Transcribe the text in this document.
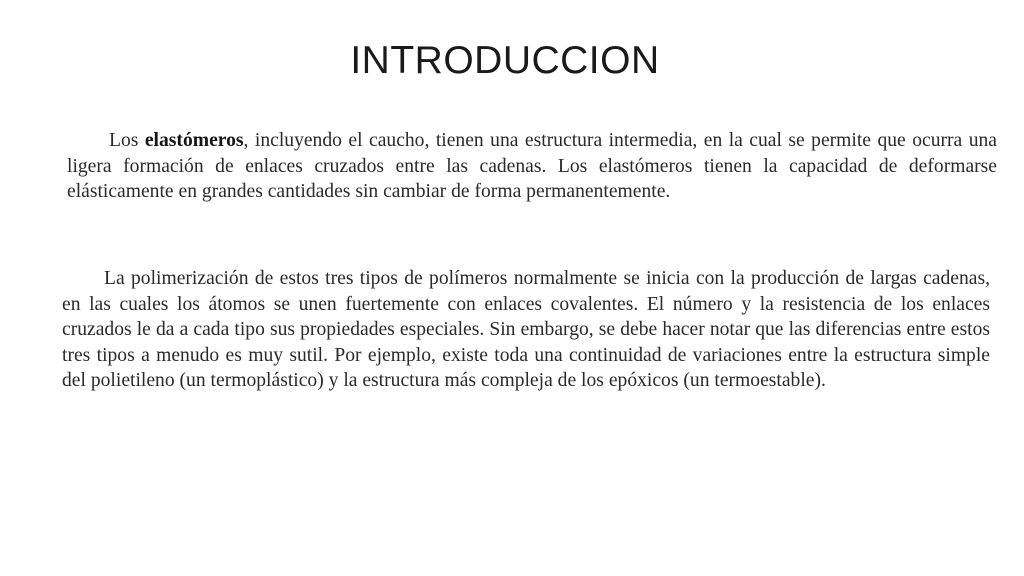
INTRODUCCION
Los elastómeros, incluyendo el caucho, tienen una estructura intermedia, en la cual se permite que ocurra una ligera formación de enlaces cruzados entre las cadenas. Los elastómeros tienen la capacidad de deformarse elásticamente en grandes cantidades sin cambiar de forma permanentemente.
La polimerización de estos tres tipos de polímeros normalmente se inicia con la producción de largas cadenas, en las cuales los átomos se unen fuertemente con enlaces covalentes. El número y la resistencia de los enlaces cruzados le da a cada tipo sus propiedades especiales. Sin embargo, se debe hacer notar que las diferencias entre estos tres tipos a menudo es muy sutil. Por ejemplo, existe toda una continuidad de variaciones entre la estructura simple del polietileno (un termoplástico) y la estructura más compleja de los epóxicos (un termoestable).
